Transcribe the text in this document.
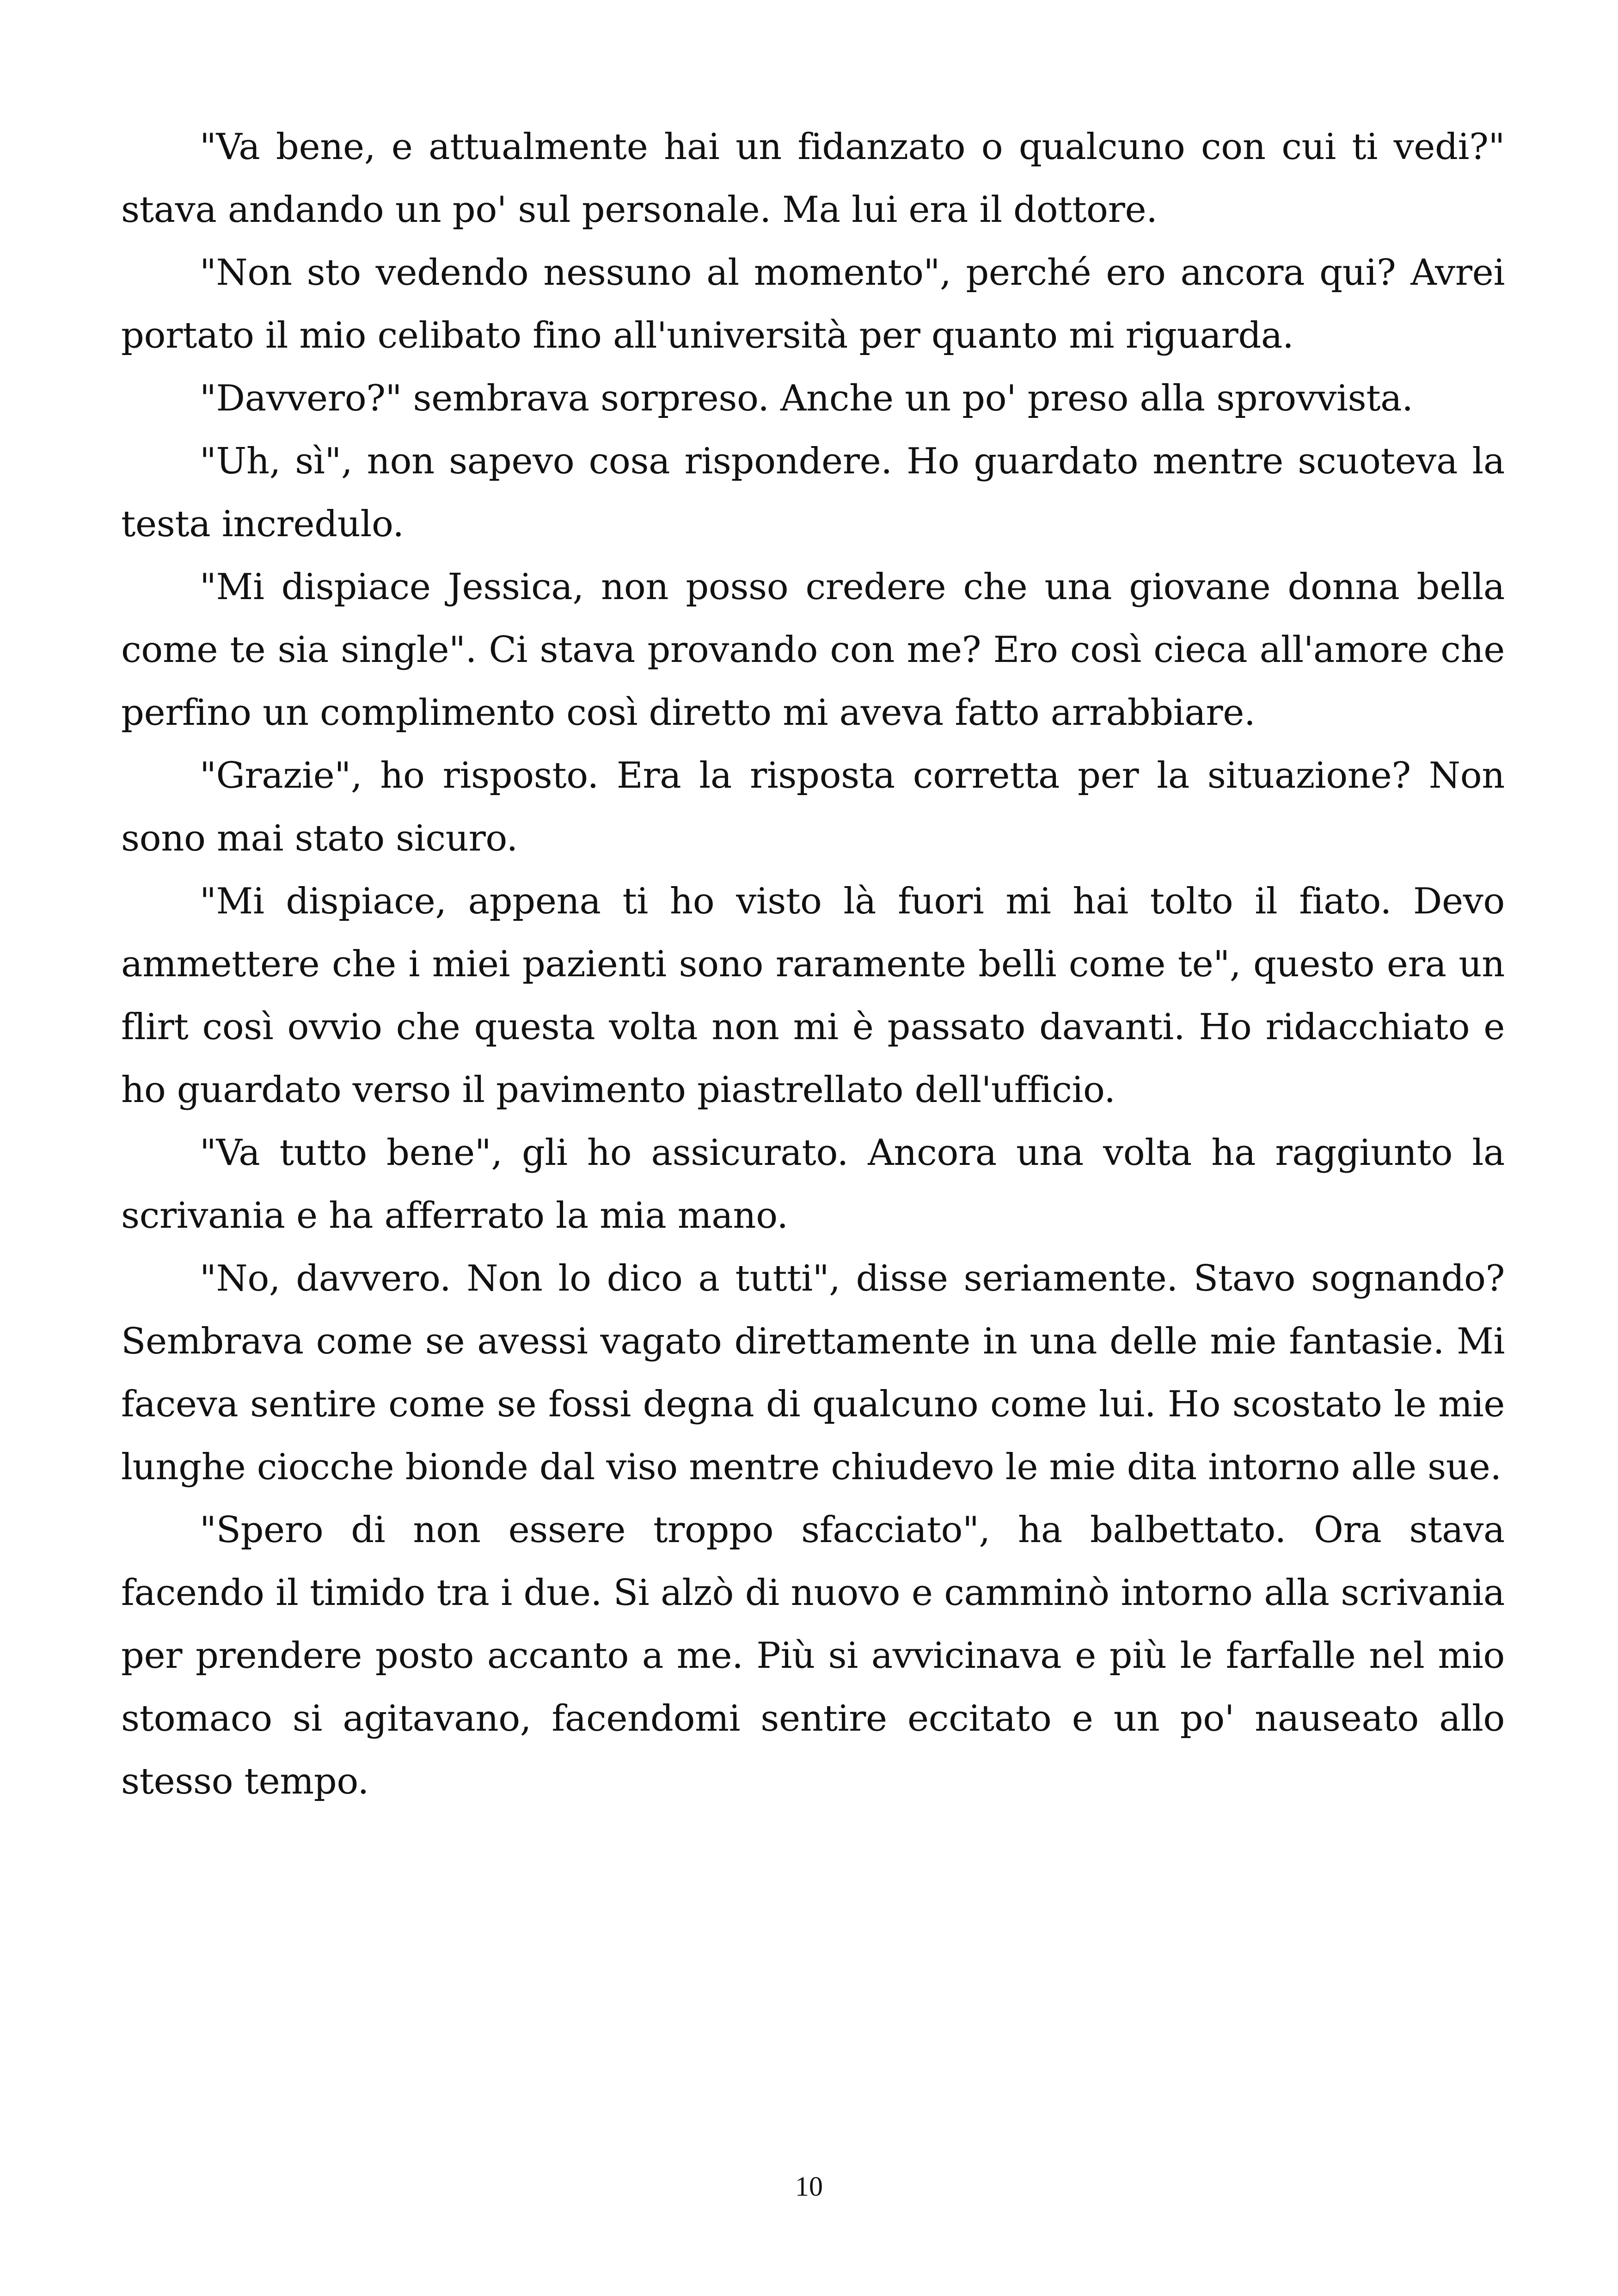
"Va bene, e attualmente hai un fidanzato o qualcuno con cui ti vedi?" stava andando un po' sul personale. Ma lui era il dottore.

"Non sto vedendo nessuno al momento", perché ero ancora qui? Avrei portato il mio celibato fino all'università per quanto mi riguarda.

"Davvero?" sembrava sorpreso. Anche un po' preso alla sprovvista.

"Uh, sì", non sapevo cosa rispondere. Ho guardato mentre scuoteva la testa incredulo.

"Mi dispiace Jessica, non posso credere che una giovane donna bella come te sia single". Ci stava provando con me? Ero così cieca all'amore che perfino un complimento così diretto mi aveva fatto arrabbiare.

"Grazie", ho risposto. Era la risposta corretta per la situazione? Non sono mai stato sicuro.

"Mi dispiace, appena ti ho visto là fuori mi hai tolto il fiato. Devo ammettere che i miei pazienti sono raramente belli come te", questo era un flirt così ovvio che questa volta non mi è passato davanti. Ho ridacchiato e ho guardato verso il pavimento piastrellato dell'ufficio.

"Va tutto bene", gli ho assicurato. Ancora una volta ha raggiunto la scrivania e ha afferrato la mia mano.

"No, davvero. Non lo dico a tutti", disse seriamente. Stavo sognando? Sembrava come se avessi vagato direttamente in una delle mie fantasie. Mi faceva sentire come se fossi degna di qualcuno come lui. Ho scostato le mie lunghe ciocche bionde dal viso mentre chiudevo le mie dita intorno alle sue.

"Spero di non essere troppo sfacciato", ha balbettato. Ora stava facendo il timido tra i due. Si alzò di nuovo e camminò intorno alla scrivania per prendere posto accanto a me. Più si avvicinava e più le farfalle nel mio stomaco si agitavano, facendomi sentire eccitato e un po' nauseato allo stesso tempo.

10
